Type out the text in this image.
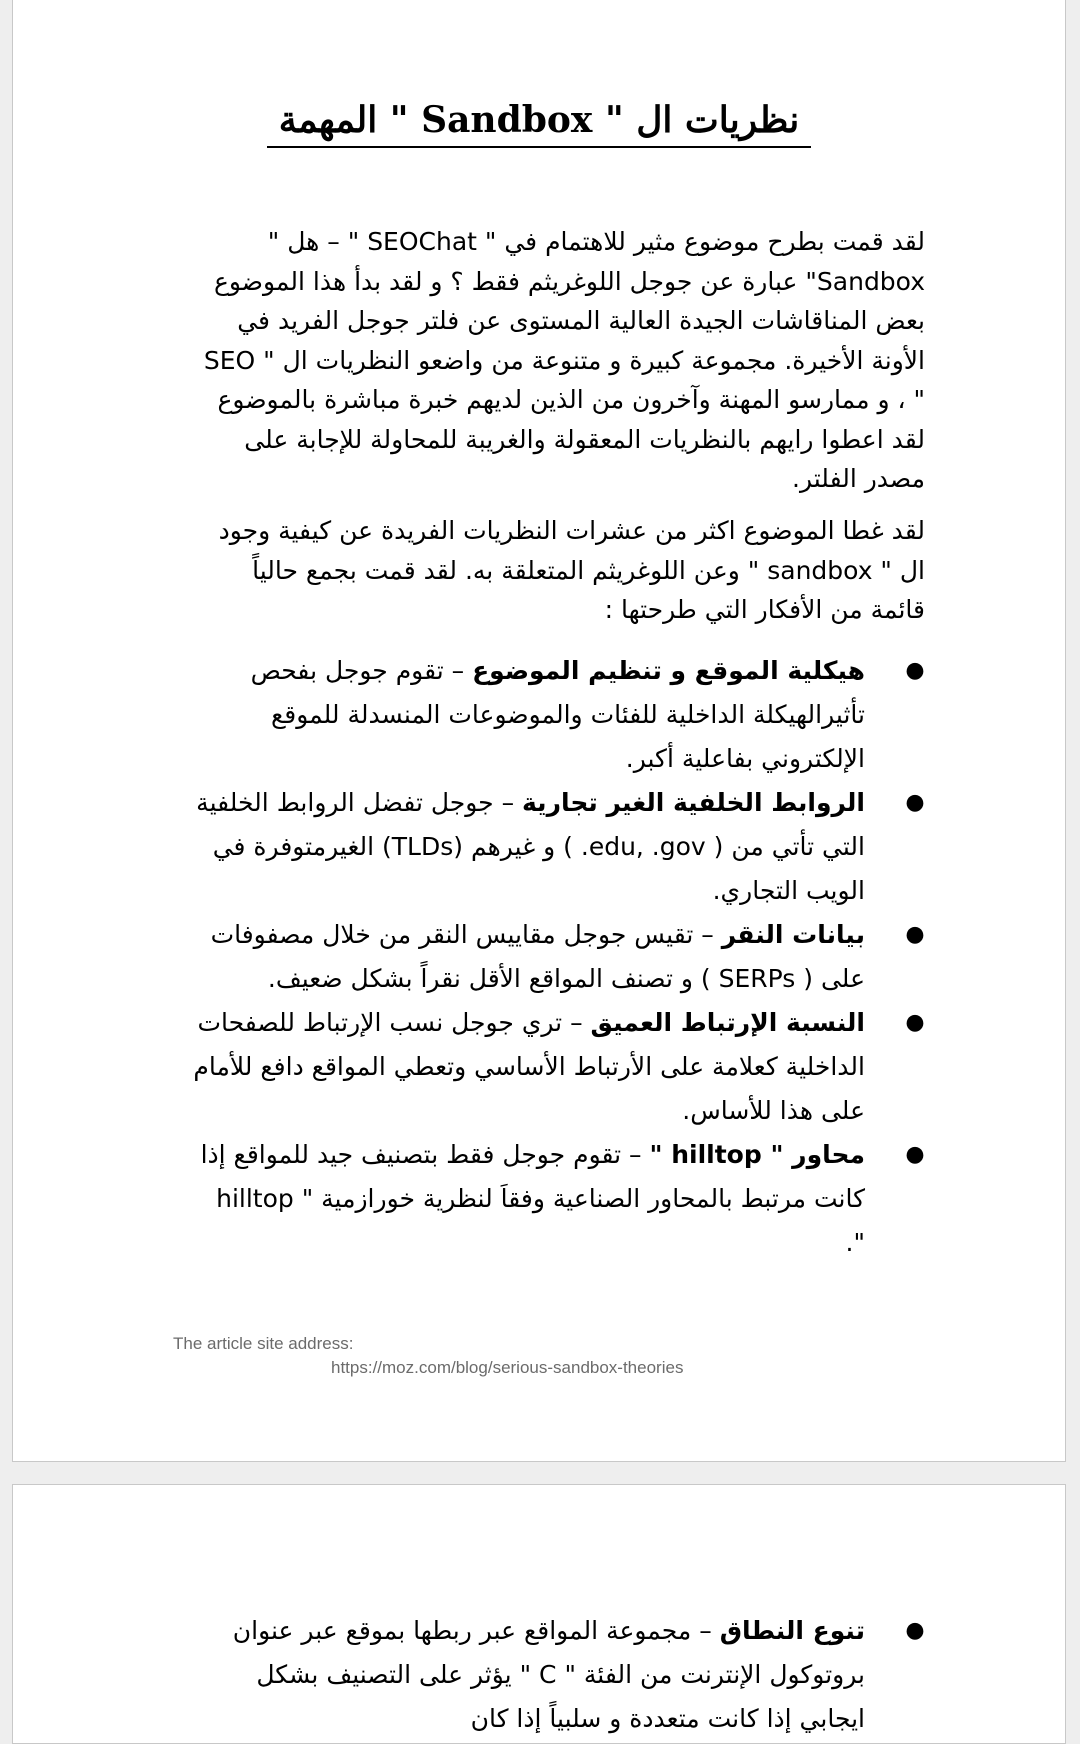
نظريات ال " Sandbox " المهمة

لقد قمت بطرح موضوع مثير للاهتمام في " SEOChat " – هل " Sandbox" عبارة عن جوجل اللوغريثم فقط ؟ و لقد بدأ هذا الموضوع بعض المناقاشات الجيدة العالية المستوى عن فلتر جوجل الفريد في الأونة الأخيرة. مجموعة كبيرة و متنوعة من واضعو النظريات ال " SEO " ، و ممارسو المهنة وآخرون من الذين لديهم خبرة مباشرة بالموضوع لقد اعطوا رايهم بالنظريات المعقولة والغريبة للمحاولة للإجابة على مصدر الفلتر.

لقد غطا الموضوع اكثر من عشرات النظريات الفريدة عن كيفية وجود ال " sandbox " وعن اللوغريثم المتعلقة به. لقد قمت بجمع حالياً قائمة من الأفكار التي طرحتها :

●
هيكلية الموقع و تنظيم الموضوع – تقوم جوجل بفحص تأثيرالهيكلة الداخلية للفئات والموضوعات المنسدلة للموقع الإلكتروني بفاعلية أكبر.
●
الروابط الخلفية الغير تجارية – جوجل تفضل الروابط الخلفية التي تأتي من ( edu, .gov. ) و غيرهم (TLDs) الغيرمتوفرة في الويب التجاري.
●
بيانات النقر – تقيس جوجل مقاييس النقر من خلال مصفوفات على ( SERPs ) و تصنف المواقع الأقل نقراً بشكل ضعيف.
●
النسبة الإرتباط العميق – تري جوجل نسب الإرتباط للصفحات الداخلية كعلامة على الأرتباط الأساسي وتعطي المواقع دافع للأمام على هذا للأساس.
●
محاور " hilltop " – تقوم جوجل فقط بتصنيف جيد للمواقع إذا كانت مرتبط بالمحاور الصناعية وفقاَ لنظرية خورازمية " hilltop ".
The article site address:
https://moz.com/blog/serious-sandbox-theories
●
تنوع النطاق – مجموعة المواقع عبر ربطها بموقع عبر عنوان بروتوكول الإنترنت من الفئة " C " يؤثر على التصنيف بشكل ايجابي إذا كانت متعددة و سلبياً إذا كان
